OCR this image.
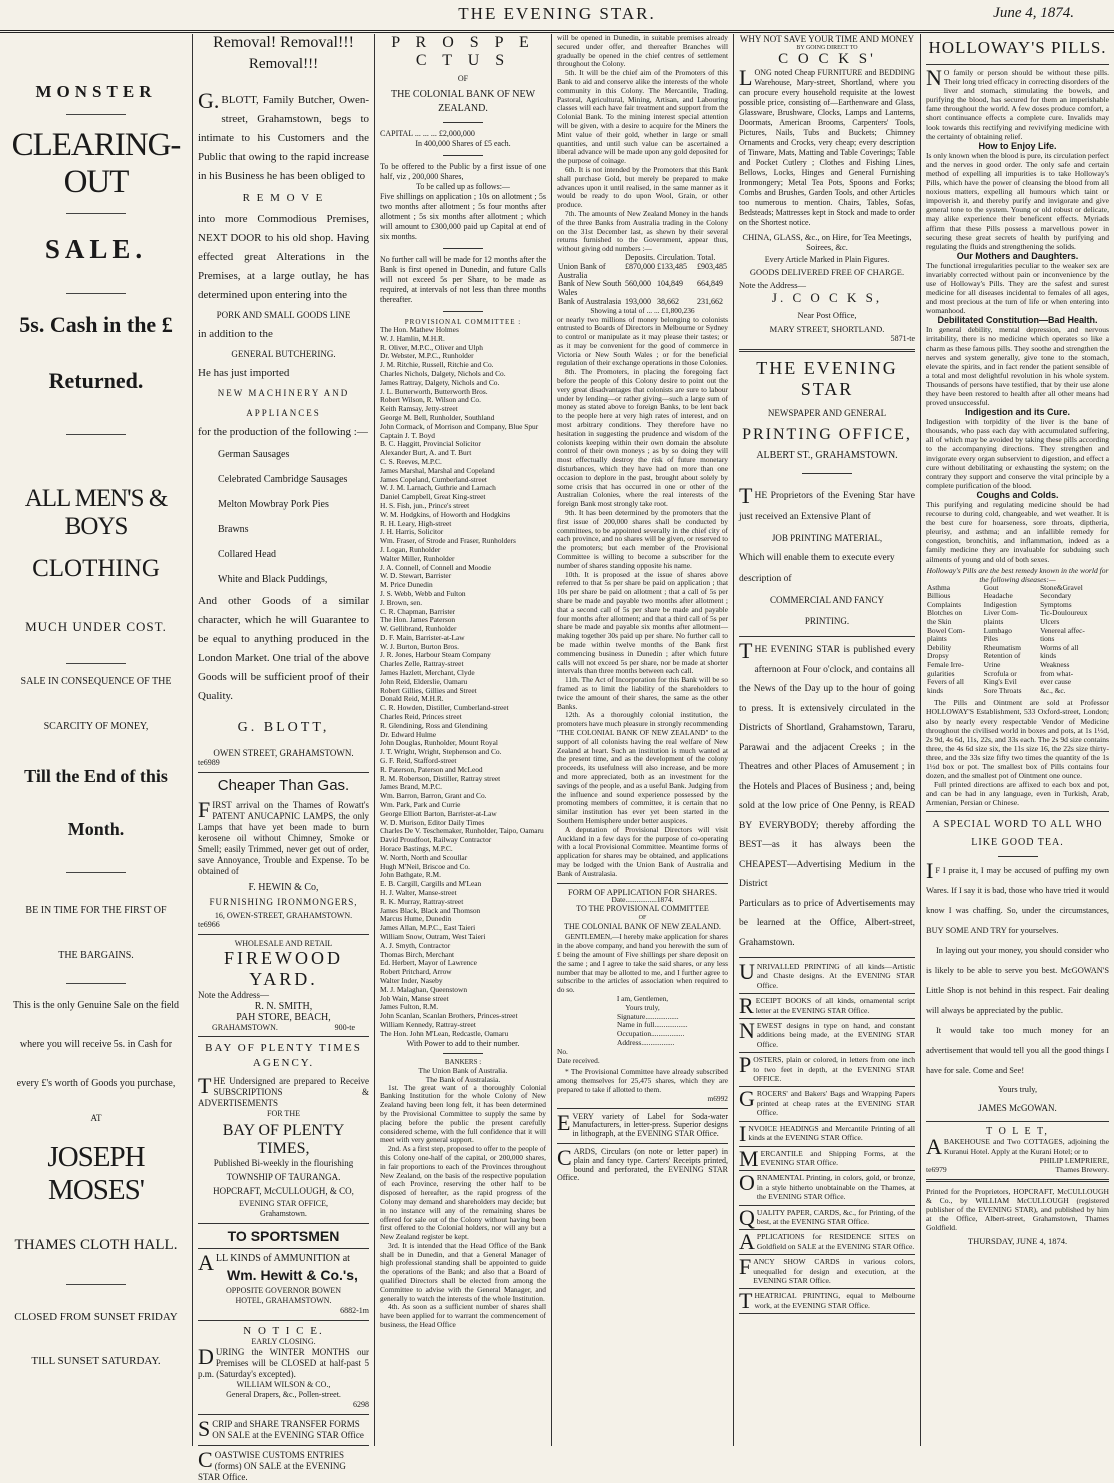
THE EVENING STAR.	June 4, 1874.
MONSTER
CLEARING-OUT
SALE.
5s. Cash in the £
Returned.
ALL MEN'S & BOYS
CLOTHING
MUCH UNDER COST.
SALE IN CONSEQUENCE OF THE
SCARCITY OF MONEY,
Till the End of this
Month.
BE IN TIME FOR THE FIRST OF
THE BARGAINS.
This is the only Genuine Sale on the field
where you will receive 5s. in Cash for
every £'s worth of Goods you purchase,
AT
JOSEPH MOSES'
THAMES CLOTH HALL.
CLOSED FROM SUNSET FRIDAY
TILL SUNSET SATURDAY.
Removal! Removal!!!
Removal!!!

G.BLOTT, Family Butcher, Owen-street, Grahamstown, begs to intimate to his Customers and the Public that owing to the rapid increase in his Business he has been obliged to

R E M O V E

into more Commodious Premises, NEXT DOOR to his old shop. Having effected great Alterations in the Premises, at a large outlay, he has determined upon entering into the

PORK AND SMALL GOODS LINE
in addition to the
GENERAL BUTCHERING.
He has just imported
NEW MACHINERY AND
APPLIANCES
for the production of the following :—
German Sausages
Celebrated Cambridge Sausages
Melton Mowbray Pork Pies
Brawns
Collared Head
White and Black Puddings,

And other Goods of a similar character, which he will Guarantee to be equal to anything produced in the London Market. One trial of the above Goods will be sufficient proof of their Quality.

G. BLOTT,
OWEN STREET, GRAHAMSTOWN.
te6989
Cheaper Than Gas.

FIRST arrival on the Thames of Rowatt's PATENT ANUCAPNIC LAMPS, the only Lamps that have yet been made to burn kerosene oil without Chimney, Smoke or Smell; easily Trimmed, never get out of order, save Annoyance, Trouble and Expense. To be obtained of

F. HEWIN & Co,
FURNISHING IRONMONGERS,
16, OWEN-STREET, GRAHAMSTOWN.
te6966
WHOLESALE AND RETAIL
FIREWOOD YARD.
Note the Address—
R. N. SMITH,
PAH STORE, BEACH,
GRAHAMSTOWN.	900-te
BAY OF PLENTY TIMES AGENCY.

THE Undersigned are prepared to Receive SUBSCRIPTIONS & ADVERTISEMENTS

FOR THE
BAY OF PLENTY TIMES,
Published Bi-weekly in the flourishing
TOWNSHIP OF TAURANGA.
HOPCRAFT, McCULLOUGH, & CO,
EVENING STAR OFFICE,
Grahamstown.
TO SPORTSMEN

ALL KINDS of AMMUNITION at

Wm. Hewitt & Co.'s,
OPPOSITE GOVERNOR BOWEN
HOTEL, GRAHAMSTOWN.
6882-1m
N O T I C E.
EARLY CLOSING.

DURING the WINTER MONTHS our Premises will be CLOSED at half-past 5 p.m. (Saturday's excepted).

WILLIAM WILSON & CO.,
General Drapers, &c., Pollen-street.
6298

SCRIP and SHARE TRANSFER FORMS ON SALE at the EVENING STAR Office

COASTWISE CUSTOMS ENTRIES (forms) ON SALE at the EVENING STAR Office.

P R O S P E C T U S
OF
THE COLONIAL BANK OF NEW ZEALAND.
CAPITAL ... ... ... £2,000,000
In 400,000 Shares of £5 each.

To be offered to the Public by a first issue of one half, viz , 200,000 Shares,

To be called up as follows:—

Five shillings on application ; 10s on allotment ; 5s two months after allotment ; 5s four months after allotment ; 5s six months after allotment ; which will amount to £300,000 paid up Capital at end of six months.

No further call will be made for 12 months after the Bank is first opened in Dunedin, and future Calls will not exceed 5s per Share, to be made as required, at intervals of not less than three months thereafter.

PROVISIONAL COMMITTEE :
The Hon. Mathew Holmes
W. J. Hamlin, M.H.R.
R. Oliver, M.P.C., Oliver and Ulph
Dr. Webster, M.P.C., Runholder
J. M. Ritchie, Russell, Ritchie and Co.
Charles Nichols, Dalgety, Nichols and Co.
James Rattray, Dalgety, Nichols and Co.
J. L. Butterworth, Butterworth Bros.
Robert Wilson, R. Wilson and Co.
Keith Ramsay, Jetty-street
George M. Bell, Runholder, Southland
John Cormack, of Morrison and Company, Blue Spur
Captain J. T. Boyd
B. C. Haggitt, Provincial Solicitor
Alexander Burt, A. and T. Burt
C. S. Reeves, M.P.C.
James Marshal, Marshal and Copeland
James Copeland, Cumberland-street
W. J. M. Larnach, Guthrie and Larnach
Daniel Campbell, Great King-street
H. S. Fish, jun., Prince's street
W. M. Hodgkins, of Howorth and Hodgkins
R. H. Leary, High-street
J. H. Harris, Solicitor
Wm. Fraser, of Strode and Fraser, Runholders
J. Logan, Runholder
Walter Miller, Runholder
J. A. Connell, of Connell and Moodie
W. D. Stewart, Barrister
M. Price Dunedin
J. S. Webb, Webb and Fulton
J. Brown, sen.
C. R. Chapman, Barrister
The Hon. James Paterson
W. Gellibrand, Runholder
D. F. Main, Barrister-at-Law
W. J. Burton, Burton Bros.
J. R. Jones, Harbour Steam Company
Charles Zelle, Rattray-street
James Hazlett, Merchant, Clyde
John Reid, Elderslie, Oamaru
Robert Gillies, Gillies and Street
Donald Reid, M.H.R.
C. R. Howden, Distiller, Cumberland-street
Charles Reid, Princes street
R. Glendining, Ross and Glendining
Dr. Edward Hulme
John Douglas, Runholder, Mount Royal
J. T. Wright, Wright, Stephenson and Co.
G. F. Reid, Stafford-street
R. Paterson, Paterson and McLeod
R. M. Robertson, Distiller, Rattray street
James Brand, M.P.C.
Wm. Barron, Barron, Grant and Co.
Wm. Park, Park and Currie
George Elliott Barton, Barrister-at-Law
W. D. Murison, Editor Daily Times
Charles De V. Teschemaker, Runholder, Taipo, Oamaru
David Proudfoot, Railway Contractor
Horace Bastings, M.P.C.
W. North, North and Scoullar
Hugh M'Neil, Briscoe and Co.
John Bathgate, R.M.
E. B. Cargill, Cargills and M'Lean
H. J. Walter, Manse-street
R. K. Murray, Rattray-street
James Black, Black and Thomson
Marcus Hume, Dunedin
James Allan, M.P.C., East Taieri
William Snow, Outram, West Taieri
A. J. Smyth, Contractor
Thomas Birch, Merchant
Ed. Herbert, Mayor of Lawrence
Robert Pritchard, Arrow
Walter Inder, Naseby
M. J. Malaghan, Queenstown
Job Wain, Manse street
James Fulton, R.M.
John Scanlan, Scanlan Brothers, Princes-street
William Kennedy, Rattray-street
The Hon. John M'Lean, Redcastle, Oamaru
With Power to add to their number.
BANKERS :
The Union Bank of Australia.
The Bank of Australasia.

1st. The great want of a thoroughly Colonial Banking Institution for the whole Colony of New Zealand having been long felt, it has been determined by the Provisional Committee to supply the same by placing before the public the present carefully considered scheme, with the full confidence that it will meet with very general support.

2nd. As a first step, proposed to offer to the people of this Colony one-half of the capital, or 200,000 shares, in fair proportions to each of the Provinces throughout New Zealand, on the basis of the respective population of each Province, reserving the other half to be disposed of hereafter, as the rapid progress of the Colony may demand and shareholders may decide; but in no instance will any of the remaining shares be offered for sale out of the Colony without having been first offered to the Colonial holders, nor will any but a New Zealand register be kept.

3rd. It is intended that the Head Office of the Bank shall be in Dunedin, and that a General Manager of high professional standing shall be appointed to guide the operations of the Bank; and also that a Board of qualified Directors shall be elected from among the Committee to advise with the General Manager, and generally to watch the interests of the whole Institution.

4th. As soon as a sufficient number of shares shall have been applied for to warrant the commencement of business, the Head Office

will be opened in Dunedin, in suitable premises already secured under offer, and thereafter Branches will gradually be opened in the chief centres of settlement throughout the Colony.

5th. It will be the chief aim of the Promoters of this Bank to aid and conserve alike the interests of the whole community in this Colony. The Mercantile, Trading, Pastoral, Agricultural, Mining, Artisan, and Labouring classes will each have fair treatment and support from the Colonial Bank. To the mining interest special attention will be given, with a desire to acquire for the Miners the Mint value of their gold, whether in large or small quantities, and until such value can be ascertained a liberal advance will be made upon any gold deposited for the purpose of coinage.

6th. It is not intended by the Promoters that this Bank shall purchase Gold, but merely be prepared to make advances upon it until realised, in the same manner as it would be ready to do upon Wool, Grain, or other produce.

7th. The amounts of New Zealand Money in the hands of the three Banks from Australia trading in the Colony on the 31st December last, as shewn by their several returns furnished to the Government, appear thus, without giving odd numbers :—

	Deposits.	Circulation.	Total.
Union Bank of Australia	£870,000	£133,485	£903,485
Bank of New South Wales	560,000	104,849	664,849
Bank of Australasia	193,000	38,662	231,662
Showing a total of ... ... £1,800,236

or nearly two millions of money belonging to colonists entrusted to Boards of Directors in Melbourne or Sydney to control or manipulate as it may please their tastes; or as it may be convenient for the good of commerce in Victoria or New South Wales ; or for the beneficial regulation of their exchange operations in those Colonies.

8th. The Promoters, in placing the foregoing fact before the people of this Colony desire to point out the very great disadvantages that colonists are sure to labour under by lending—or rather giving—such a large sum of money as stated above to foreign Banks, to be lent back to the people here at very high rates of interest, and on most arbitrary conditions. They therefore have no hesitation in suggesting the prudence and wisdom of the colonists keeping within their own domain the absolute control of their own moneys ; as by so doing they will most effectually destroy the risk of future monetary disturbances, which they have had on more than one occasion to deplore in the past, brought about solely by some crisis that has occurred in one or other of the Australian Colonies, where the real interests of the foreign Bank most strongly take root.

9th. It has been determined by the promoters that the first issue of 200,000 shares shall be conducted by committees, to be appointed severally in the chief city of each province, and no shares will be given, or reserved to the promoters; but each member of the Provisional Committee is willing to become a subscriber for the number of shares standing opposite his name.

10th. It is proposed at the issue of shares above referred to that 5s per share be paid on application ; that 10s per share be paid on allotment ; that a call of 5s per share be made and payable two months after allotment ; that a second call of 5s per share be made and payable four months after allotment; and that a third call of 5s per share be made and payable six months after allotment—making together 30s paid up per share. No further call to be made within twelve months of the Bank first commencing business in Dunedin ; after which future calls will not exceed 5s per share, nor be made at shorter intervals than three months between each call.

11th. The Act of Incorporation for this Bank will be so framed as to limit the liability of the shareholders to twice the amount of their shares, the same as the other Banks.

12th. As a thoroughly colonial institution, the promoters have much pleasure in strongly recommending "THE COLONIAL BANK OF NEW ZEALAND" to the support of all colonists having the real welfare of New Zealand at heart. Such an institution is much wanted at the present time, and as the development of the colony proceeds, its usefulness will also increase, and be more and more appreciated, both as an investment for the savings of the people, and as a useful Bank. Judging from the influence and sound experience possessed by the promoting members of committee, it is certain that no similar institution has ever yet been started in the Southern Hemisphere under better auspices.

A deputation of Provisional Directors will visit Auckland in a few days for the purpose of co-operating with a local Provisional Committee. Meantime forms of application for shares may be obtained, and applications may be lodged with the Union Bank of Australia and Bank of Australasia.

FORM OF APPLICATION FOR SHARES.
Date.................1874.
TO THE PROVISIONAL COMMITTEE
OF
THE COLONIAL BANK OF NEW ZEALAND.

GENTLEMEN,—I hereby make application for shares in the above company, and hand you herewith the sum of £ being the amount of Five shillings per share deposit on the same ; and I agree to take the said shares, or any less number that may be allotted to me, and I further agree to subscribe to the articles of association when required to do so.

I am, Gentlemen,
Yours truly,
Signature..................
Name in full..................
Occupation..................
Address..................
No.
Date received.

* The Provisional Committee have already subscribed among themselves for 25,475 shares, which they are prepared to take if allotted to them.

m6992

EVERY variety of Label for Soda-water Manufacturers, in letter-press. Superior designs in lithograph, at the EVENING STAR Office.

CARDS, Circulars (on note or letter paper) in plain and fancy type. Carters' Receipts printed, bound and perforated, the EVENING STAR Office.

WHY NOT SAVE YOUR TIME AND MONEY
BY GOING DIRECT TO
C O C K S'

LONG noted Cheap FURNITURE and BEDDING Warehouse, Mary-street, Shortland, where you can procure every household requisite at the lowest possible price, consisting of—Earthenware and Glass, Glassware, Brushware, Clocks, Lamps and Lanterns, Doormats, American Brooms, Carpenters' Tools, Pictures, Nails, Tubs and Buckets; Chimney Ornaments and Crocks, very cheap; every description of Tinware, Mats, Matting and Table Coverings; Table and Pocket Cutlery ; Clothes and Fishing Lines, Bellows, Locks, Hinges and General Furnishing Ironmongery; Metal Tea Pots, Spoons and Forks; Combs and Brushes, Garden Tools, and other Articles too numerous to mention. Chairs, Tables, Sofas, Bedsteads; Mattresses kept in Stock and made to order on the Shortest notice.

CHINA, GLASS, &c., on Hire, for Tea Meetings, Soirees, &c.
Every Article Marked in Plain Figures.
GOODS DELIVERED FREE OF CHARGE.
Note the Address—
J. C O C K S,
Near Post Office,
MARY STREET, SHORTLAND.
5871-te
THE EVENING STAR
NEWSPAPER AND GENERAL
PRINTING OFFICE,
ALBERT ST., GRAHAMSTOWN.

THE Proprietors of the Evening Star have just received an Extensive Plant of

JOB PRINTING MATERIAL,

Which will enable them to execute every description of

COMMERCIAL AND FANCY
PRINTING.

THE EVENING STAR is published every afternoon at Four o'clock, and contains all the News of the Day up to the hour of going to press. It is extensively circulated in the Districts of Shortland, Grahamstown, Tararu, Parawai and the adjacent Creeks ; in the Theatres and other Places of Amusement ; in the Hotels and Places of Business ; and, being sold at the low price of One Penny, is READ BY EVERYBODY; thereby affording the BEST—as it has always been the CHEAPEST—Advertising Medium in the District

Particulars as to price of Advertisements may be learned at the Office, Albert-street, Grahamstown.

UNRIVALLED PRINTING of all kinds—Artistic and Chaste designs. At the EVENING STAR Office.

RECEIPT BOOKS of all kinds, ornamental script letter at the EVENING STAR Office.

NEWEST designs in type on hand, and constant additions being made, at the EVENING STAR Office.

POSTERS, plain or colored, in letters from one inch to two feet in depth, at the EVENING STAR OFFICE.

GROCERS' and Bakers' Bags and Wrapping Papers printed at cheap rates at the EVENING STAR Office.

INVOICE HEADINGS and Mercantile Printing of all kinds at the EVENING STAR Office.

MERCANTILE and Shipping Forms, at the EVENING STAR Office.

ORNAMENTAL Printing, in colors, gold, or bronze, in a style hitherto unobtainable on the Thames, at the EVENING STAR Office.

QUALITY PAPER, CARDS, &c., for Printing, of the best, at the EVENING STAR Office.

APPLICATIONS for RESIDENCE SITES on Goldfield on SALE at the EVENING STAR Office.

FANCY SHOW CARDS in various colors, unequalled for design and execution, at the EVENING STAR Office.

THEATRICAL PRINTING, equal to Melbourne work, at the EVENING STAR Office.

HOLLOWAY'S PILLS.

NO family or person should be without these pills. Their long tried efficacy in correcting disorders of the liver and stomach, stimulating the bowels, and purifying the blood, has secured for them an imperishable fame throughout the world. A few doses produce comfort, a short continuance effects a complete cure. Invalids may look towards this rectifying and revivifying medicine with the certainty of obtaining relief.

How to Enjoy Life.

Is only known when the blood is pure, its circulation perfect and the nerves in good order. The only safe and certain method of expelling all impurities is to take Holloway's Pills, which have the power of cleansing the blood from all noxious matters, expelling all humours which taint or impoverish it, and thereby purify and invigorate and give general tone to the system. Young or old robust or delicate, may alike experience their beneficent effects. Myriads affirm that these Pills possess a marvellous power in securing these great secrets of health by purifying and regulating the fluids and strengthening the solids.

Our Mothers and Daughters.

The functional irregularities peculiar to the weaker sex are invariably corrected without pain or inconvenience by the use of Holloway's Pills. They are the safest and surest medicine for all diseases incidental to females of all ages, and most precious at the turn of life or when entering into womanhood.

Debilitated Constitution—Bad Health.

In general debility, mental depression, and nervous irritability, there is no medicine which operates so like a charm as these famous pills. They soothe and strengthen the nerves and system generally, give tone to the stomach, elevate the spirits, and in fact render the patient sensible of a total and most delightful revolution in his whole system. Thousands of persons have testified, that by their use alone they have been restored to health after all other means had proved unsuccessful.

Indigestion and its Cure.

Indigestion with torpidity of the liver is the bane of thousands, who pass each day with accumulated suffering, all of which may be avoided by taking these pills according to the accompanying directions. They strengthen and invigorate every organ subservient to digestion, and effect a cure without debilitating or exhausting the system; on the contrary they support and conserve the vital principle by a complete purification of the blood.

Coughs and Colds.

This purifying and regulating medicine should be had recourse to during cold, changeable, and wet weather. It is the best cure for hoarseness, sore throats, diptheria, pleurisy, and asthma; and an infallible remedy for congestion, bronchitis, and inflammation, indeed as a family medicine they are invaluable for subduing such ailments of young and old of both sexes.

Holloway's Pills are the best remedy known in the world for the following diseases:—
Asthma	Gout	Stone&Gravel
Billious	Headache	Secondary
Complaints	Indigestion	Symptoms
Blotches on	Liver Com-	Tic-Douloureux
the Skin	plaints	Ulcers
Bowel Com-	Lumbago	Venereal affec-
plaints	Piles	tions
Debility	Rheumatism	Worms of all
Dropsy	Retention of	kinds
Female Irre-	Urine	Weakness
gularities	Scrofula or	from what-
Fevers of all	King's Evil	ever cause
kinds	Sore Throats	&c., &c.

The Pills and Ointment are sold at Professor HOLLOWAY'S Establishment, 533 Oxford-street, London; also by nearly every respectable Vendor of Medicine throughout the civilised world in boxes and pots, at 1s 1½d, 2s 9d, 4s 6d, 11s, 22s, and 33s each. The 2s 9d size contains three, the 4s 6d size six, the 11s size 16, the 22s size thirty-three, and the 33s size fifty two times the quantity of the 1s 1½d box or pot. The smallest box of Pills contains four dozen, and the smallest pot of Ointment one ounce.

Full printed directions are affixed to each box and pot, and can be had in any language, even in Turkish, Arab, Armenian, Persian or Chinese.

A SPECIAL WORD TO ALL WHO LIKE GOOD TEA.

IF I praise it, I may be accused of puffing my own Wares. If I say it is bad, those who have tried it would know I was chaffing. So, under the circumstances, BUY SOME AND TRY for yourselves.

In laying out your money, you should consider who is likely to be able to serve you best. McGOWAN'S Little Shop is not behind in this respect. Fair dealing will always be appreciated by the public.

It would take too much money for an advertisement that would tell you all the good things I have for sale. Come and See!

Yours truly,
JAMES McGOWAN.
T O L E T,

ABAKEHOUSE and Two COTTAGES, adjoining the Kuranui Hotel. Apply at the Kurani Hotel; or to

PHILIP LEMPRIERE,
te6979	Thames Brewery.

Printed for the Proprietors, HOPCRAFT, McCULLOUGH & Co., by WILLIAM McCULLOUGH (registered publisher of the EVENING STAR), and published by him at the Office, Albert-street, Grahamstown, Thames Goldfield.

THURSDAY, JUNE 4, 1874.
